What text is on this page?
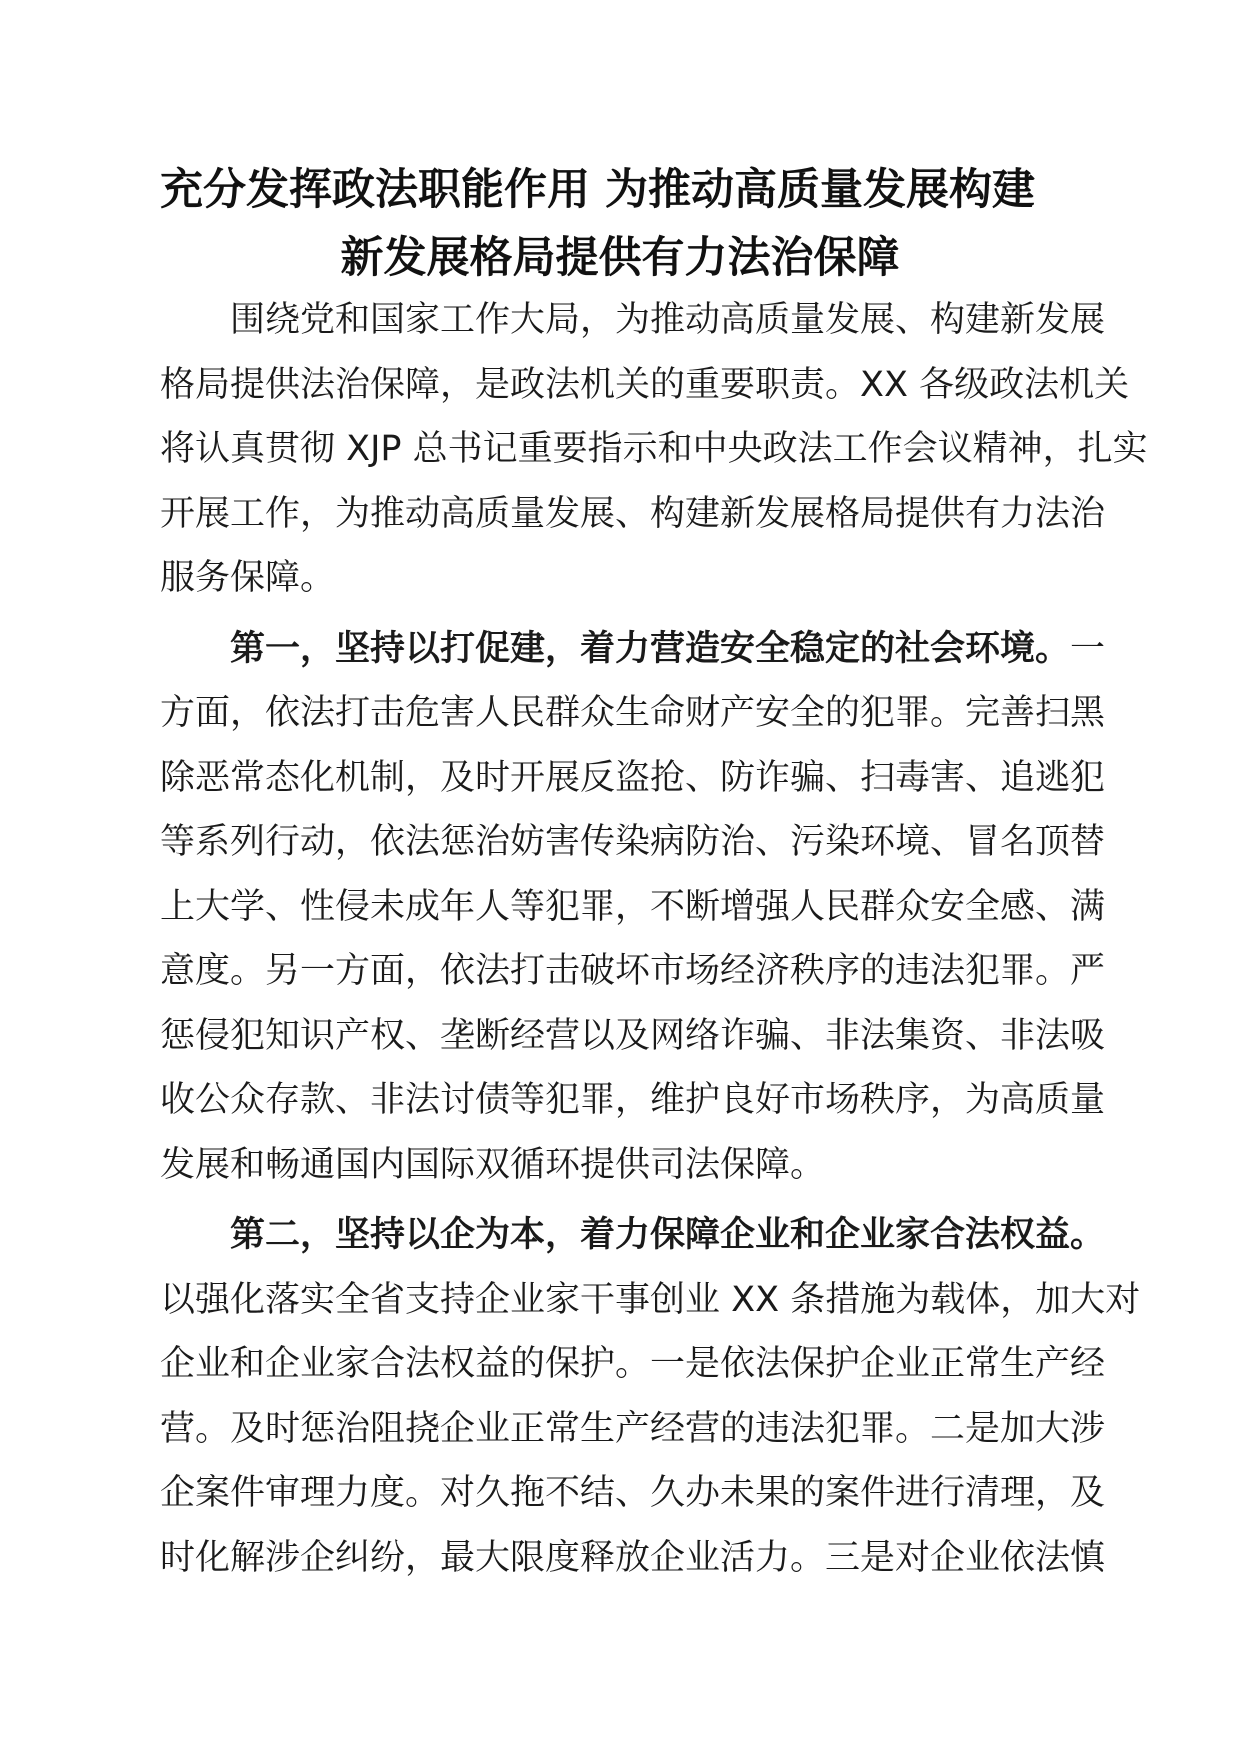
充分发挥政法职能作用 为推动高质量发展构建
新发展格局提供有力法治保障
围绕党和国家工作大局，为推动高质量发展、构建新发展
格局提供法治保障，是政法机关的重要职责。XX 各级政法机关
将认真贯彻 XJP 总书记重要指示和中央政法工作会议精神，扎实
开展工作，为推动高质量发展、构建新发展格局提供有力法治
服务保障。
第一，坚持以打促建，着力营造安全稳定的社会环境。一
方面，依法打击危害人民群众生命财产安全的犯罪。完善扫黑
除恶常态化机制，及时开展反盗抢、防诈骗、扫毒害、追逃犯
等系列行动，依法惩治妨害传染病防治、污染环境、冒名顶替
上大学、性侵未成年人等犯罪，不断增强人民群众安全感、满
意度。另一方面，依法打击破坏市场经济秩序的违法犯罪。严
惩侵犯知识产权、垄断经营以及网络诈骗、非法集资、非法吸
收公众存款、非法讨债等犯罪，维护良好市场秩序，为高质量
发展和畅通国内国际双循环提供司法保障。
第二，坚持以企为本，着力保障企业和企业家合法权益。
以强化落实全省支持企业家干事创业 XX 条措施为载体，加大对
企业和企业家合法权益的保护。一是依法保护企业正常生产经
营。及时惩治阻挠企业正常生产经营的违法犯罪。二是加大涉
企案件审理力度。对久拖不结、久办未果的案件进行清理，及
时化解涉企纠纷，最大限度释放企业活力。三是对企业依法慎
